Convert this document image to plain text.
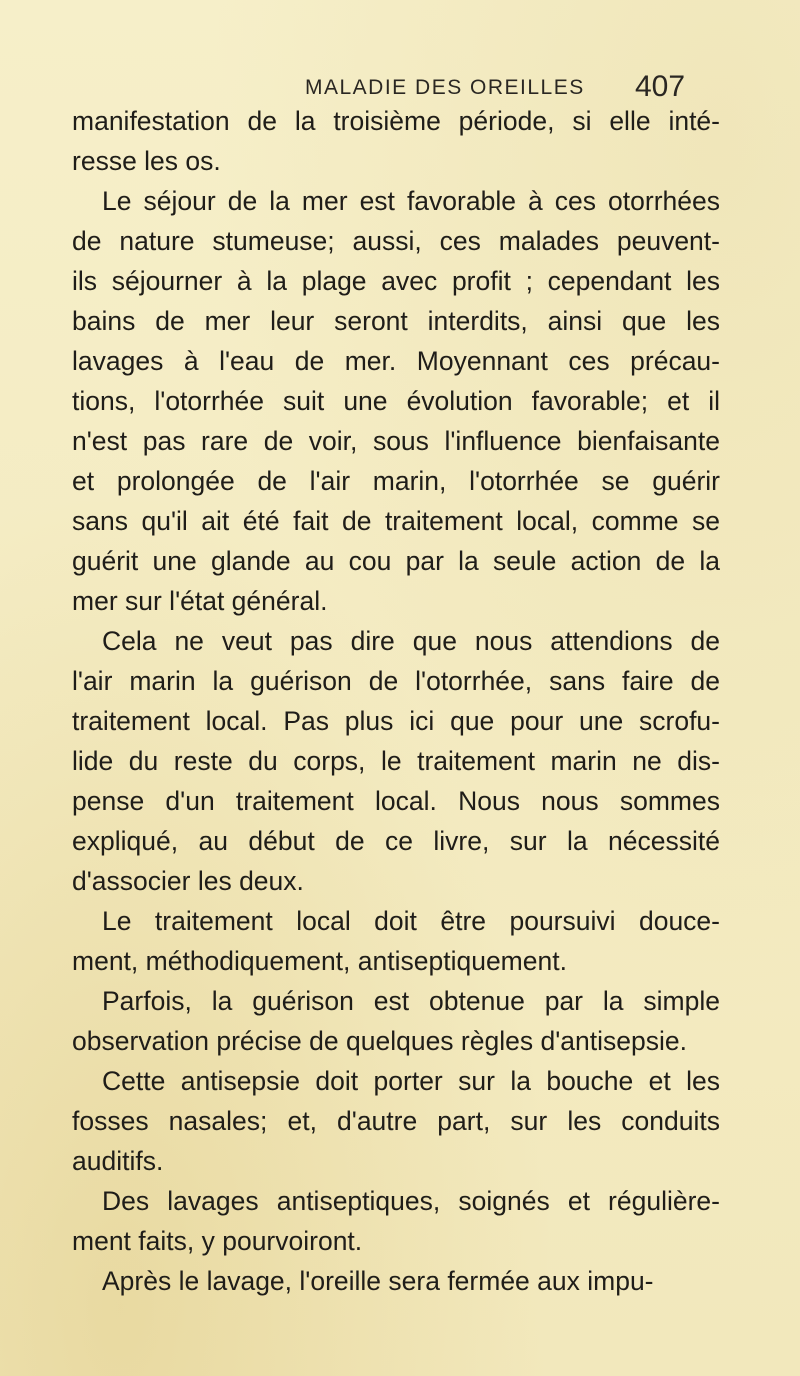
MALADIE DES OREILLES 407
manifestation de la troisième période, si elle inté-
resse les os.
Le séjour de la mer est favorable à ces otorrhées
de nature stumeuse; aussi, ces malades peuvent-
ils séjourner à la plage avec profit ; cependant les
bains de mer leur seront interdits, ainsi que les
lavages à l'eau de mer. Moyennant ces précau-
tions, l'otorrhée suit une évolution favorable; et il
n'est pas rare de voir, sous l'influence bienfaisante
et prolongée de l'air marin, l'otorrhée se guérir
sans qu'il ait été fait de traitement local, comme se
guérit une glande au cou par la seule action de la
mer sur l'état général.
Cela ne veut pas dire que nous attendions de
l'air marin la guérison de l'otorrhée, sans faire de
traitement local. Pas plus ici que pour une scrofu-
lide du reste du corps, le traitement marin ne dis-
pense d'un traitement local. Nous nous sommes
expliqué, au début de ce livre, sur la nécessité
d'associer les deux.
Le traitement local doit être poursuivi douce-
ment, méthodiquement, antiseptiquement.
Parfois, la guérison est obtenue par la simple
observation précise de quelques règles d'antisepsie.
Cette antisepsie doit porter sur la bouche et les
fosses nasales; et, d'autre part, sur les conduits
auditifs.
Des lavages antiseptiques, soignés et régulière-
ment faits, y pourvoiront.
Après le lavage, l'oreille sera fermée aux impu-
